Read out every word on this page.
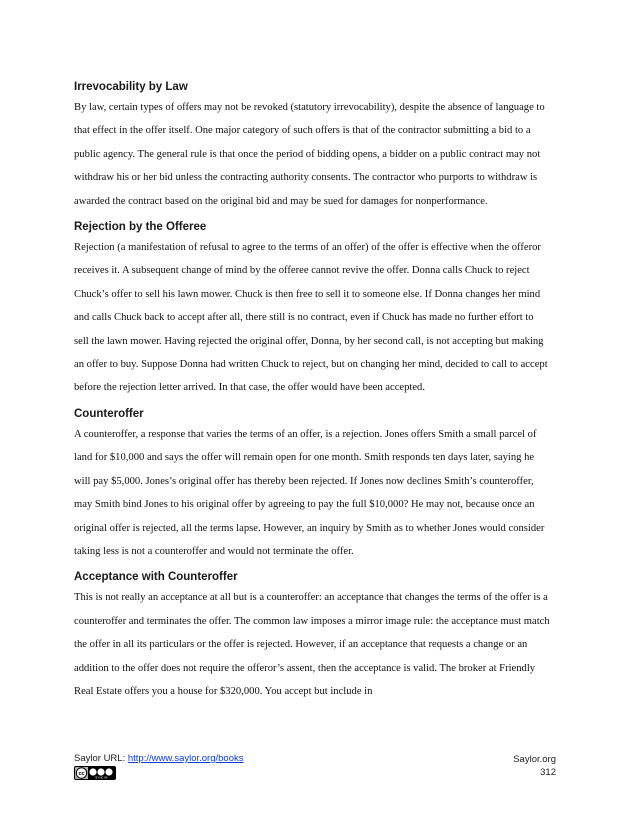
Irrevocability by Law

By law, certain types of offers may not be revoked (statutory irrevocability), despite the absence of language to that effect in the offer itself. One major category of such offers is that of the contractor submitting a bid to a public agency. The general rule is that once the period of bidding opens, a bidder on a public contract may not withdraw his or her bid unless the contracting authority consents. The contractor who purports to withdraw is awarded the contract based on the original bid and may be sued for damages for nonperformance.

Rejection by the Offeree

Rejection (a manifestation of refusal to agree to the terms of an offer) of the offer is effective when the offeror receives it. A subsequent change of mind by the offeree cannot revive the offer. Donna calls Chuck to reject Chuck’s offer to sell his lawn mower. Chuck is then free to sell it to someone else. If Donna changes her mind and calls Chuck back to accept after all, there still is no contract, even if Chuck has made no further effort to sell the lawn mower. Having rejected the original offer, Donna, by her second call, is not accepting but making an offer to buy. Suppose Donna had written Chuck to reject, but on changing her mind, decided to call to accept before the rejection letter arrived. In that case, the offer would have been accepted.

Counteroffer

A counteroffer, a response that varies the terms of an offer, is a rejection. Jones offers Smith a small parcel of land for $10,000 and says the offer will remain open for one month. Smith responds ten days later, saying he will pay $5,000. Jones’s original offer has thereby been rejected. If Jones now declines Smith’s counteroffer, may Smith bind Jones to his original offer by agreeing to pay the full $10,000? He may not, because once an original offer is rejected, all the terms lapse. However, an inquiry by Smith as to whether Jones would consider taking less is not a counteroffer and would not terminate the offer.

Acceptance with Counteroffer

This is not really an acceptance at all but is a counteroffer: an acceptance that changes the terms of the offer is a counteroffer and terminates the offer. The common law imposes a mirror image rule: the acceptance must match the offer in all its particulars or the offer is rejected. However, if an acceptance that requests a change or an addition to the offer does not require the offeror’s assent, then the acceptance is valid. The broker at Friendly Real Estate offers you a house for $320,000. You accept but include in

Saylor URL: http://www.saylor.org/books
cc
BY NC SA
Saylor.org
312
